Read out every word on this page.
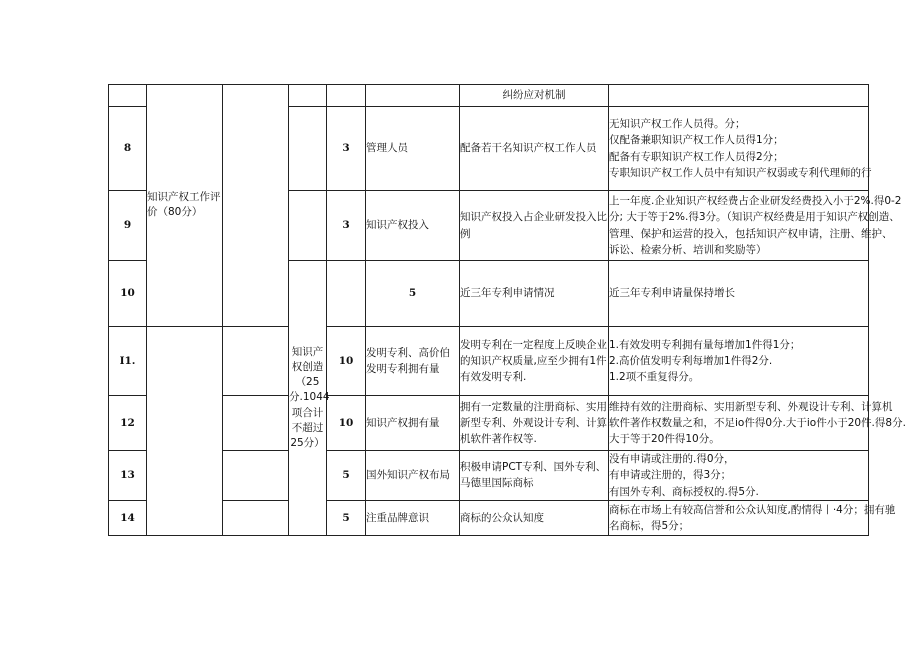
	知识产权工作评价（80分）					纠纷应对机制		
8				3	管理人员	配备若干名知识产权工作人员	无知识产权工作人员得。分；
仅配备兼职知识产权工作人员得1分；
配备有专职知识产权工作人员得2分；
专职知识产权工作人员中有知识产权弱或专利代理师的行	

9				3	知识产权投入	知识产权投入占企业研发投入比例	上一年度.企业知识产权经费占企业研发经费投入小于2%.得0-2
分; 大于等于2%.得3分。（知识产权经费是用于知识产权创造、
管理、保护和运营的投入，包括知识产权申请，注册、维护、
诉讼、检索分析、培训和奖励等）	

10			知识产权创造（25分.1044项合计不超过25分）		5	近三年专利申请情况	近三年专利申请量保持增长	

I1.				10	发明专利、高价伯发明专利拥有量	发明专利在一定程度上反映企业的知识产权质量,应至少拥有1件有效发明专利.	1.有效发明专利拥有量每增加1件得1分；
2.高价值发明专利每增加1件得2分.
1.2项不重复得分。	

12				10	知识产权拥有量	拥有一定数量的注册商标、实用新型专利、外观设计专利、计算机软件著作权等.	维持有效的注册商标、实用新型专利、外观设计专利、计算机
软件著作权数量之和，不足io件得0分.大于io件小于20件.得8分.
大于等于20件得10分。	

13				5	国外知识产权布局	积极申请PCT专利、国外专利、马德里国际商标	没有申请或注册的.得0分，
有申请或注册的，得3分；
有国外专利、商标授权的.得5分.	

14				5	注重品牌意识	商标的公众认知度	商标在市场上有较高信誉和公众认知度,酌情得丨·4分；拥有驰
名商标，得5分；	
